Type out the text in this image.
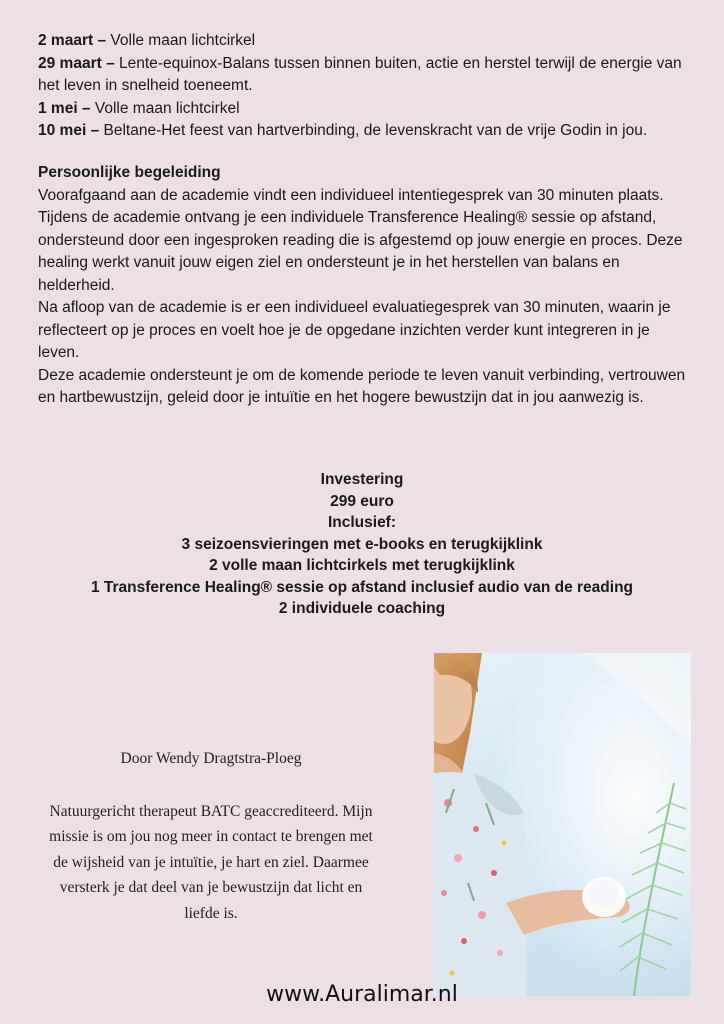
2 maart – Volle maan lichtcirkel

29 maart – Lente-equinox-Balans tussen binnen buiten, actie en herstel terwijl de energie van het leven in snelheid toeneemt.

1 mei – Volle maan lichtcirkel

10 mei – Beltane-Het feest van hartverbinding, de levenskracht van de vrije Godin in jou.

Persoonlijke begeleiding

Voorafgaand aan de academie vindt een individueel intentiegesprek van 30 minuten plaats.

Tijdens de academie ontvang je een individuele Transference Healing® sessie op afstand, ondersteund door een ingesproken reading die is afgestemd op jouw energie en proces. Deze healing werkt vanuit jouw eigen ziel en ondersteunt je in het herstellen van balans en helderheid.

Na afloop van de academie is er een individueel evaluatiegesprek van 30 minuten, waarin je reflecteert op je proces en voelt hoe je de opgedane inzichten verder kunt integreren in je leven.

Deze academie ondersteunt je om de komende periode te leven vanuit verbinding, vertrouwen en hartbewustzijn, geleid door je intuïtie en het hogere bewustzijn dat in jou aanwezig is.

Investering

299 euro

Inclusief:

3 seizoensvieringen met e-books en terugkijklink

2 volle maan lichtcirkels met terugkijklink

1 Transference Healing® sessie op afstand inclusief audio van de reading

2 individuele coaching

Door Wendy Dragtstra-Ploeg

Natuurgericht therapeut BATC geaccrediteerd. Mijn missie is om jou nog meer in contact te brengen met de wijsheid van je intuïtie, je hart en ziel. Daarmee versterk je dat deel van je bewustzijn dat licht en liefde is.

www.Auralimar.nl
